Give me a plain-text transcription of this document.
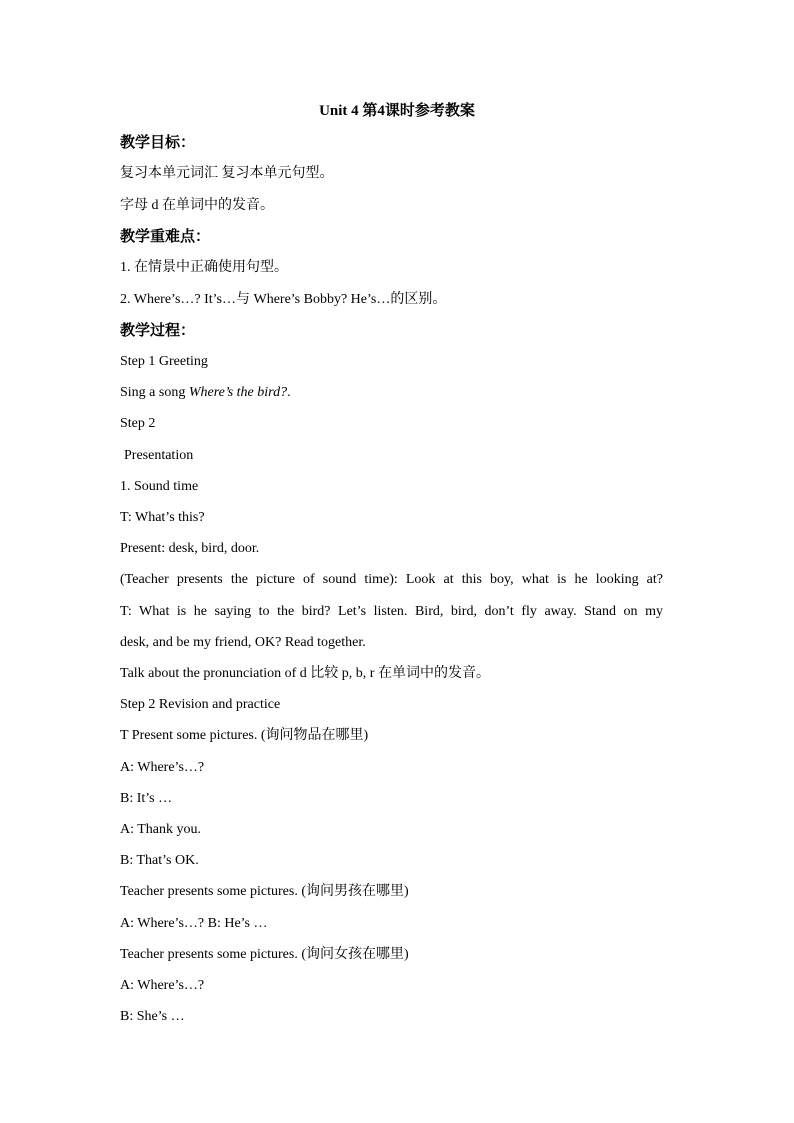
Unit 4 第4课时参考教案
教学目标：
复习本单元词汇 复习本单元句型。
字母 d 在单词中的发音。
教学重难点：
1. 在情景中正确使用句型。
2. Where’s…? It’s…与 Where’s Bobby? He’s…的区别。
教学过程：
Step 1 Greeting
Sing a song Where’s the bird?.
Step 2
Presentation
1. Sound time
T: What’s this?
Present: desk, bird, door.
(Teacher presents the picture of sound time): Look at this boy, what is he looking at?
T: What is he saying to the bird? Let’s listen. Bird, bird, don’t fly away. Stand on my
desk, and be my friend, OK? Read together.
Talk about the pronunciation of d 比较 p, b, r 在单词中的发音。
Step 2 Revision and practice
T Present some pictures. (询问物品在哪里)
A: Where’s…?
B: It’s …
A: Thank you.
B: That’s OK.
Teacher presents some pictures. (询问男孩在哪里)
A: Where’s…? B: He’s …
Teacher presents some pictures. (询问女孩在哪里)
A: Where’s…?
B: She’s …
